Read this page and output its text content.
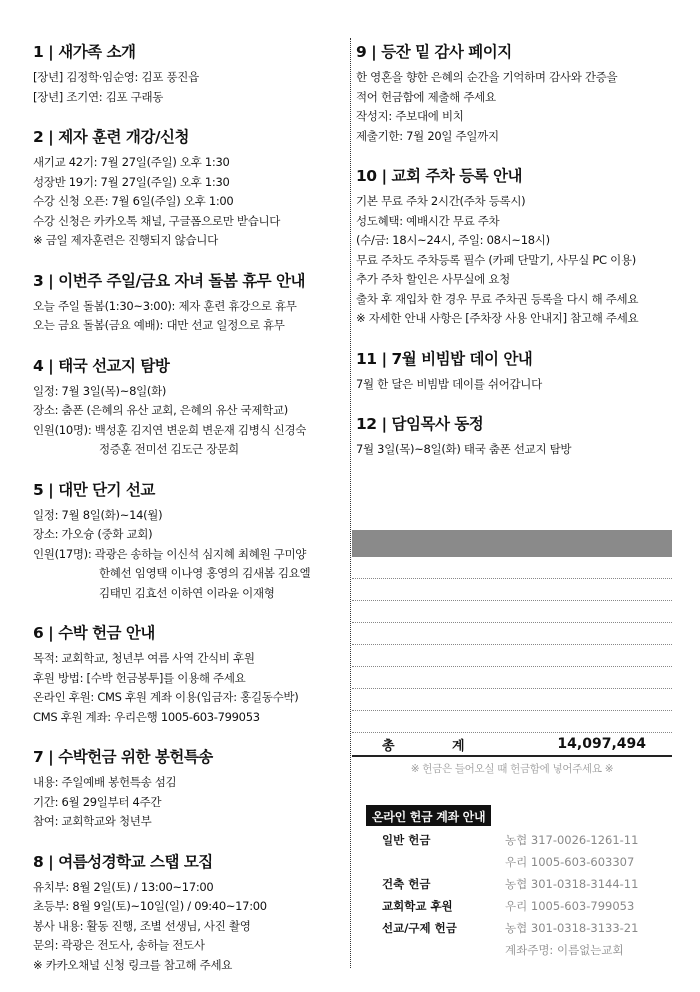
1 | 새가족 소개
[장년] 김정학·임순영: 김포 풍진읍
[장년] 조기연: 김포 구래동
2 | 제자 훈련 개강/신청
새기교 42기: 7월 27일(주일) 오후 1:30
성장반 19기: 7월 27일(주일) 오후 1:30
수강 신청 오픈: 7월 6일(주일) 오후 1:00
수강 신청은 카카오톡 채널, 구글폼으로만 받습니다
※ 금일 제자훈련은 진행되지 않습니다
3 | 이번주 주일/금요 자녀 돌봄 휴무 안내
오늘 주일 돌봄(1:30~3:00): 제자 훈련 휴강으로 휴무
오는 금요 돌봄(금요 예배): 대만 선교 일정으로 휴무
4 | 태국 선교지 탐방
일정: 7월 3일(목)~8일(화)
장소: 춤폰 (은혜의 유산 교회, 은혜의 유산 국제학교)
인원(10명): 백성훈 김지연 변운희 변운재 김병식 신경숙
정증훈 전미선 김도근 장문희
5 | 대만 단기 선교
일정: 7월 8일(화)~14(월)
장소: 가오슝 (중화 교회)
인원(17명): 곽광은 송하늘 이신석 심지혜 최혜원 구미양
한혜선 임영택 이나영 홍영의 김새봄 김요엘
김태민 김효선 이하연 이라윤 이재형
6 | 수박 헌금 안내
목적: 교회학교, 청년부 여름 사역 간식비 후원
후원 방법: [수박 헌금봉투]를 이용해 주세요
온라인 후원: CMS 후원 계좌 이용(입금자: 홍길동수박)
CMS 후원 계좌: 우리은행 1005-603-799053
7 | 수박헌금 위한 봉헌특송
내용: 주일예배 봉헌특송 섬김
기간: 6월 29일부터 4주간
참여: 교회학교와 청년부
8 | 여름성경학교 스탭 모집
유치부: 8월 2일(토) / 13:00~17:00
초등부: 8월 9일(토)~10일(일) / 09:40~17:00
봉사 내용: 활동 진행, 조별 선생님, 사진 촬영
문의: 곽광은 전도사, 송하늘 전도사
※ 카카오채널 신청 링크를 참고해 주세요
9 | 등잔 밑 감사 페이지
한 영혼을 향한 은혜의 순간을 기억하며 감사와 간증을
적어 헌금함에 제출해 주세요
작성지: 주보대에 비치
제출기한: 7월 20일 주일까지
10 | 교회 주차 등록 안내
기본 무료 주차 2시간(주차 등록시)
성도혜택: 예배시간 무료 주차
(수/금: 18시~24시, 주일: 08시~18시)
무료 주차도 주차등록 필수 (카페 단말기, 사무실 PC 이용)
추가 주차 할인은 사무실에 요청
출차 후 재입차 한 경우 무료 주차권 등록을 다시 해 주세요
※ 자세한 안내 사항은 [주차장 사용 안내지] 참고해 주세요
11 | 7월 비빔밥 데이 안내
7월 한 달은 비빔밥 데이를 쉬어갑니다
12 | 담임목사 동정
7월 3일(목)~8일(화) 태국 춤폰 선교지 탐방
총	계	14,097,494
※ 헌금은 들어오실 때 헌금함에 넣어주세요 ※
온라인 헌금 계좌 안내
일반 헌금	농협 317-0026-1261-11
우리 1005-603-603307
건축 헌금	농협 301-0318-3144-11
교회학교 후원	우리 1005-603-799053
선교/구제 헌금	농협 301-0318-3133-21
계좌주명: 이름없는교회
